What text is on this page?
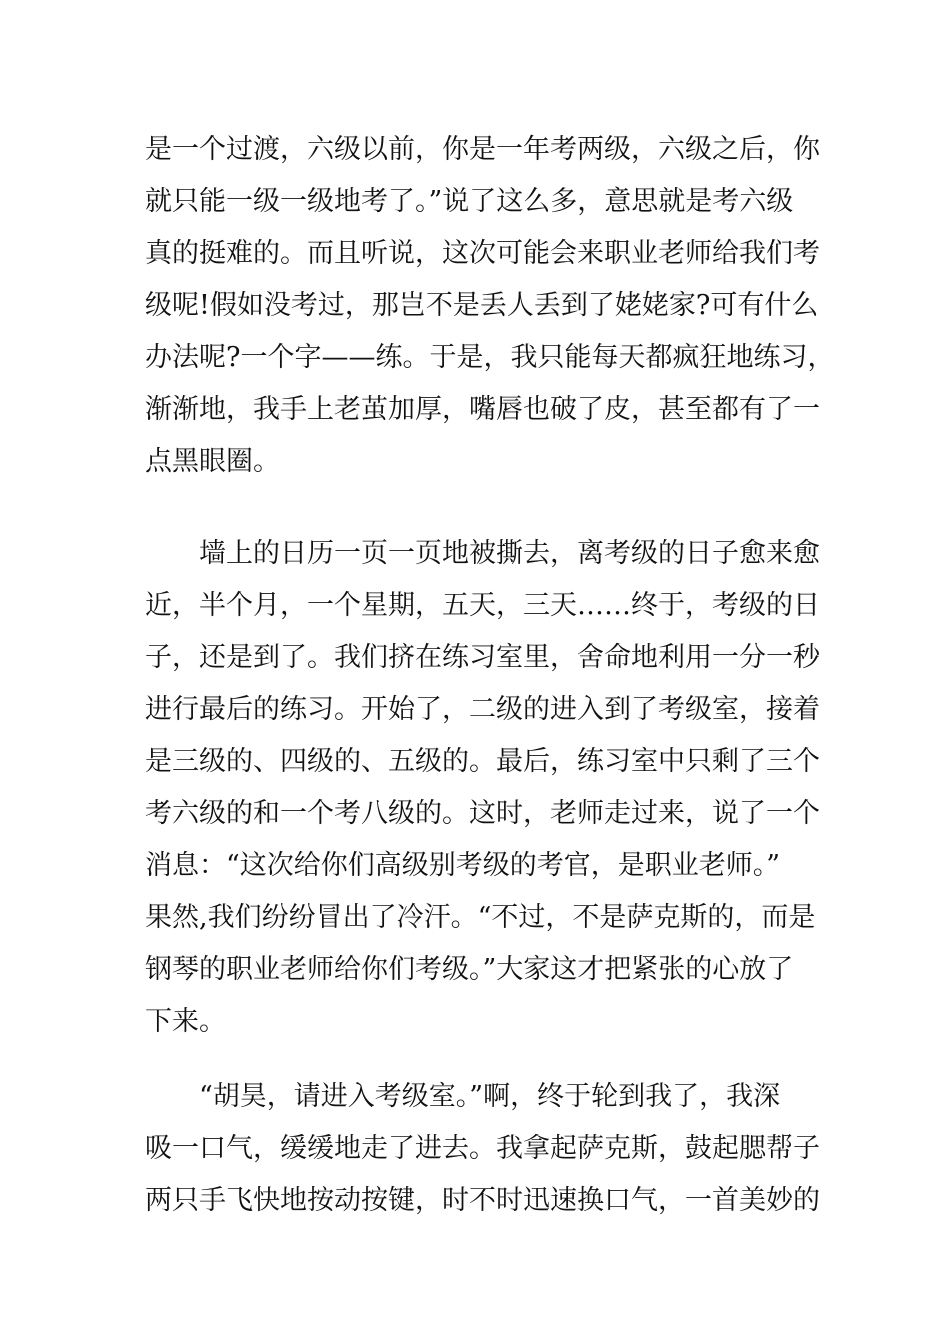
是一个过渡，六级以前，你是一年考两级，六级之后，你
就只能一级一级地考了。”说了这么多，意思就是考六级
真的挺难的。而且听说，这次可能会来职业老师给我们考
级呢!假如没考过，那岂不是丢人丢到了姥姥家?可有什么
办法呢?一个字——练。于是，我只能每天都疯狂地练习，
渐渐地，我手上老茧加厚，嘴唇也破了皮，甚至都有了一
点黑眼圈。
　　墙上的日历一页一页地被撕去，离考级的日子愈来愈
近，半个月，一个星期，五天，三天……终于，考级的日
子，还是到了。我们挤在练习室里，舍命地利用一分一秒
进行最后的练习。开始了，二级的进入到了考级室，接着
是三级的、四级的、五级的。最后，练习室中只剩了三个
考六级的和一个考八级的。这时，老师走过来，说了一个
消息：“这次给你们高级别考级的考官，是职业老师。”
果然,我们纷纷冒出了冷汗。“不过，不是萨克斯的，而是
钢琴的职业老师给你们考级。”大家这才把紧张的心放了
下来。
　　“胡昊，请进入考级室。”啊，终于轮到我了，我深
吸一口气，缓缓地走了进去。我拿起萨克斯，鼓起腮帮子
两只手飞快地按动按键，时不时迅速换口气，一首美妙的
